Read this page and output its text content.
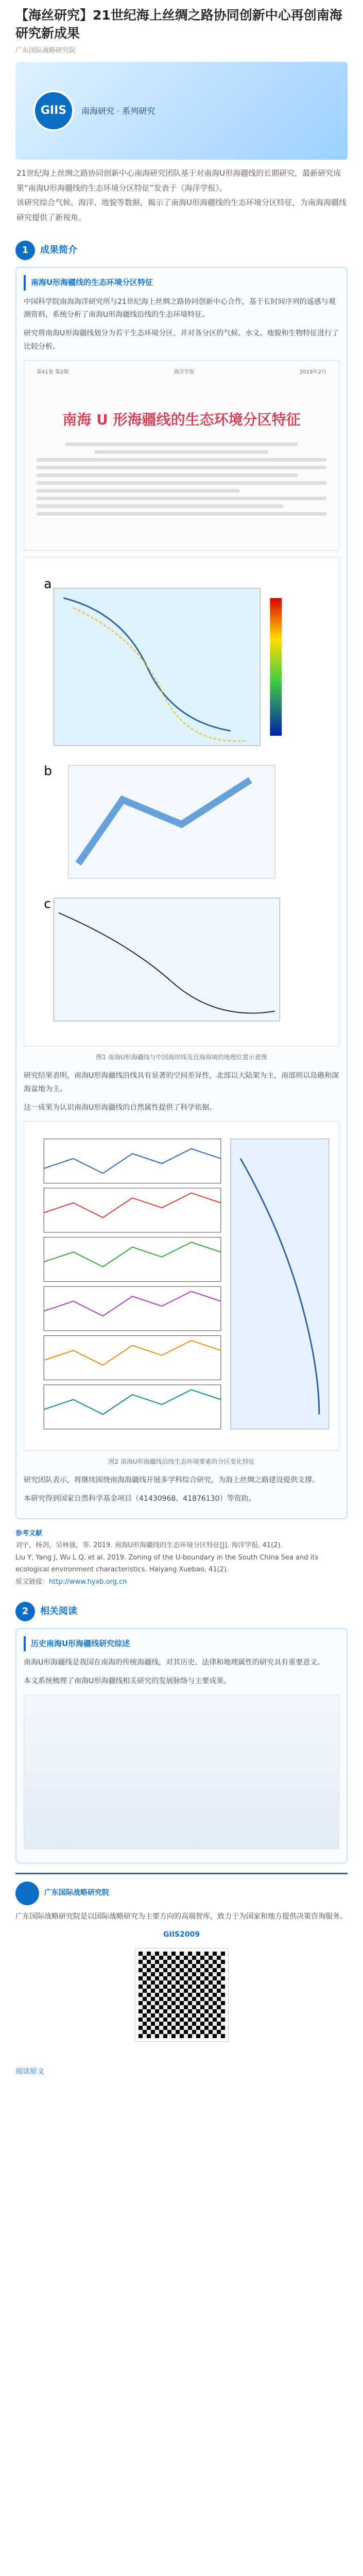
【海丝研究】21世纪海上丝绸之路协同创新中心再创南海研究新成果
广东国际战略研究院
GIIS	南海研究 · 系列研究

21世纪海上丝绸之路协同创新中心南海研究团队基于对南海U形海疆线的长期研究，最新研究成果“南海U形海疆线的生态环境分区特征”发表于《海洋学报》。

该研究综合气候、海洋、地貌等数据，揭示了南海U形海疆线的生态环境分区特征，为南海海疆线研究提供了新视角。

1	成果简介
南海U形海疆线的生态环境分区特征

中国科学院南海海洋研究所与21世纪海上丝绸之路协同创新中心合作，基于长时间序列的遥感与观测资料，系统分析了南海U形海疆线沿线的生态环境特征。

研究将南海U形海疆线划分为若干生态环境分区，并对各分区的气候、水文、地貌和生物特征进行了比较分析。

第41卷 第2期	海洋学报	2019年2月
南海 U 形海疆线的生态环境分区特征
a
b
c
图1 南海U形海疆线与中国海岸线及近海海域的地理位置示意图

研究结果表明，南海U形海疆线沿线具有显著的空间差异性，北部以大陆架为主，南部则以岛礁和深海盆地为主。

这一成果为认识南海U形海疆线的自然属性提供了科学依据。

图2 南海U形海疆线沿线生态环境要素的分区变化特征

研究团队表示，将继续围绕南海海疆线开展多学科综合研究，为海上丝绸之路建设提供支撑。

本研究得到国家自然科学基金项目（41430968、41876130）等资助。

参考文献

刘宇，杨剑，吴林强，等. 2019. 南海U形海疆线的生态环境分区特征[J]. 海洋学报, 41(2).

Liu Y, Yang J, Wu L Q, et al. 2019. Zoning of the U-boundary in the South China Sea and its ecological environment characteristics. Haiyang Xuebao, 41(2).

原文链接：http://www.hyxb.org.cn

2	相关阅读
历史南海U形海疆线研究综述

南海U形海疆线是我国在南海的传统海疆线，对其历史、法律和地理属性的研究具有重要意义。

本文系统梳理了南海U形海疆线相关研究的发展脉络与主要成果。

广东国际战略研究院

广东国际战略研究院是以国际战略研究为主要方向的高端智库，致力于为国家和地方提供决策咨询服务。

GIIS2009
阅读原文
